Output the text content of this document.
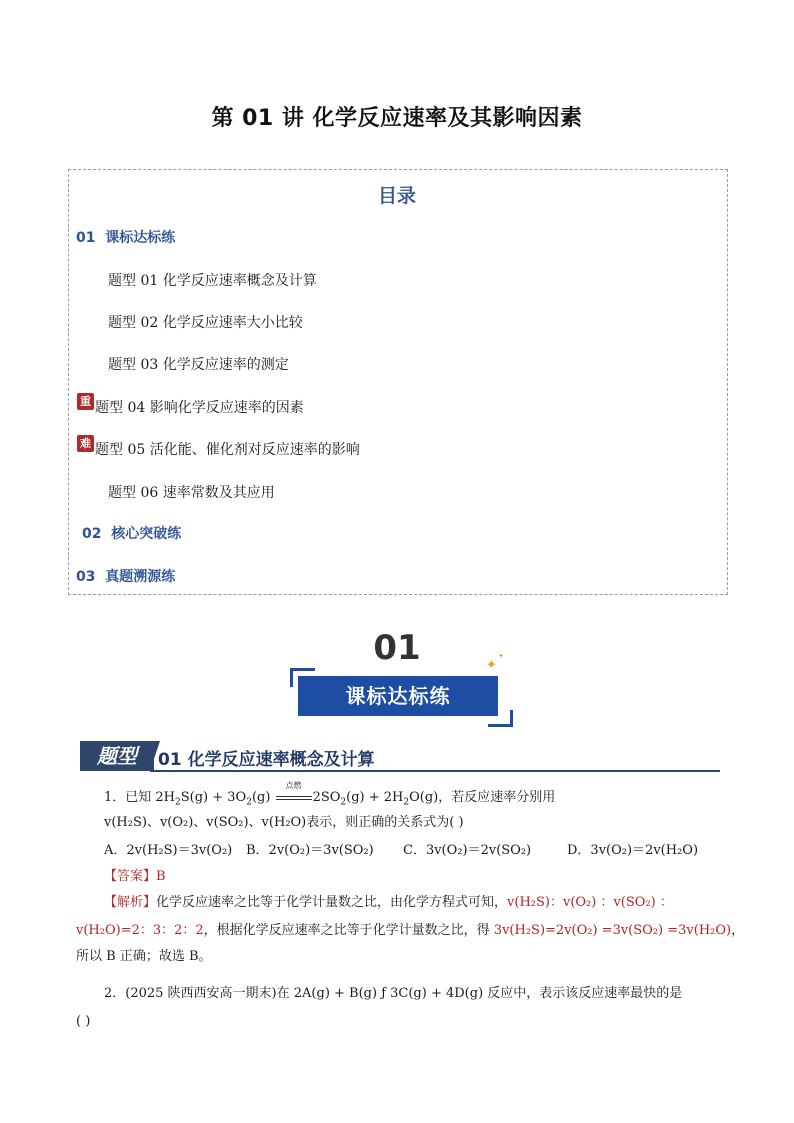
第 01 讲 化学反应速率及其影响因素
目录
01 课标达标练
题型 01 化学反应速率概念及计算
题型 02 化学反应速率大小比较
题型 03 化学反应速率的测定
重 题型 04 影响化学反应速率的因素
难 题型 05 活化能、催化剂对反应速率的影响
题型 06 速率常数及其应用
02 核心突破练
03 真题溯源练
01	✦
✦
课标达标练
题型	01 化学反应速率概念及计算
1．已知 $2H_2S(g) + 3O_2(g)$
点燃
$2SO_2(g) + 2H_2O(g)$，若反应速率分别用
v(H₂S)、v(O₂)、v(SO₂)、v(H₂O)表示，则正确的关系式为( )
A．2v(H₂S)＝3v(O₂) B．2v(O₂)＝3v(SO₂) C．3v(O₂)＝2v(SO₂)	D．3v(O₂)＝2v(H₂O)
【答案】B
【解析】化学反应速率之比等于化学计量数之比，由化学方程式可知，v(H₂S)：v(O₂) ：v(SO₂) ：
v(H₂O)=2：3：2：2，根据化学反应速率之比等于化学计量数之比，得 3v(H₂S)=2v(O₂) =3v(SO₂) =3v(H₂O)，
所以 B 正确；故选 B。
2．(2025 陕西西安高一期末)在 2A(g) + B(g) ƒ 3C(g) + 4D(g) 反应中，表示该反应速率最快的是
( )
